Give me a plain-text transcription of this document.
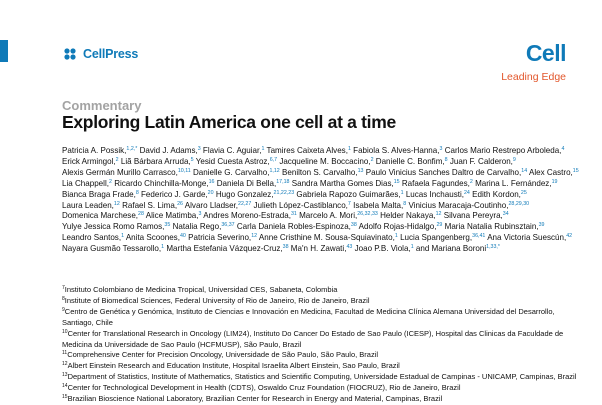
CellPress	Cell
Leading Edge
Commentary
Exploring Latin America one cell at a time
Patricia A. Possik,$^{1,2,*}$ David J. Adams,$^3$ Flavia C. Aguiar,$^1$ Tamires Caixeta Alves,$^1$ Fabiola S. Alves-Hanna,$^3$ Carlos Mario Restrepo Arboleda,$^4$ Erick Armingol,$^2$ Liã Bárbara Arruda,$^5$ Yesid Cuesta Astroz,$^{6,7}$ Jacqueline M. Boccacino,$^2$ Danielle C. Bonfim,$^8$ Juan F. Calderon,$^9$ Alexis Germán Murillo Carrasco,$^{10,11}$ Danielle G. Carvalho,$^{1,12}$ Benilton S. Carvalho,$^{13}$ Paulo Vinicius Sanches Daltro de Carvalho,$^{14}$ Alex Castro,$^{15}$ Lia Chappell,$^2$ Ricardo Chinchilla-Monge,$^{16}$ Daniela Di Bella,$^{17,18}$ Sandra Martha Gomes Dias,$^{15}$ Rafaela Fagundes,$^2$ Marina L. Fernández,$^{19}$ Bianca Braga Frade,$^8$ Federico J. Garde,$^{20}$ Hugo Gonzalez,$^{21,22,23}$ Gabriela Rapozo Guimarães,$^1$ Lucas Inchausti,$^{24}$ Edith Kordon,$^{25}$ Laura Leaden,$^{12}$ Rafael S. Lima,$^{26}$ Alvaro Lladser,$^{22,27}$ Julieth López-Castiblanco,$^7$ Isabela Malta,$^8$ Vinicius Maracaja-Coutinho,$^{28,29,30}$ Domenica Marchese,$^{28}$ Alice Matimba,$^3$ Andres Moreno-Estrada,$^{31}$ Marcelo A. Mori,$^{26,32,33}$ Helder Nakaya,$^{12}$ Silvana Pereyra,$^{34}$ Yulye Jessica Romo Ramos,$^{35}$ Natalia Rego,$^{36,37}$ Carla Daniela Robles-Espinoza,$^{38}$ Adolfo Rojas-Hidalgo,$^{29}$ Maria Natalia Rubinsztain,$^{39}$ Leandro Santos,$^1$ Anita Scoones,$^{40}$ Patricia Severino,$^{12}$ Anne Cristhine M. Sousa-Squiavinato,$^1$ Lucia Spangenberg,$^{36,41}$ Ana Victoria Suescún,$^{42}$ Nayara Gusmão Tessarollo,$^1$ Martha Estefania Vázquez-Cruz,$^{38}$ Ma'n H. Zawati,$^{43}$ Joao P.B. Viola,$^1$ and Mariana Boroni$^{1,33,*}$
$^7$Instituto Colombiano de Medicina Tropical, Universidad CES, Sabaneta, Colombia
$^8$Institute of Biomedical Sciences, Federal University of Rio de Janeiro, Rio de Janeiro, Brazil
$^9$Centro de Genética y Genómica, Instituto de Ciencias e Innovación en Medicina, Facultad de Medicina Clínica Alemana Universidad del Desarrollo, Santiago, Chile
$^{10}$Center for Translational Research in Oncology (LIM24), Instituto Do Cancer Do Estado de Sao Paulo (ICESP), Hospital das Clinicas da Faculdade de Medicina da Universidade de Sao Paulo (HCFMUSP), São Paulo, Brazil
$^{11}$Comprehensive Center for Precision Oncology, Universidade de São Paulo, São Paulo, Brazil
$^{12}$Albert Einstein Research and Education Institute, Hospital Israelita Albert Einstein, Sao Paulo, Brazil
$^{13}$Department of Statistics, Institute of Mathematics, Statistics and Scientific Computing, Universidade Estadual de Campinas - UNICAMP, Campinas, Brazil
$^{14}$Center for Technological Development in Health (CDTS), Oswaldo Cruz Foundation (FIOCRUZ), Rio de Janeiro, Brazil
$^{15}$Brazilian Bioscience National Laboratory, Brazilian Center for Research in Energy and Material, Campinas, Brazil
